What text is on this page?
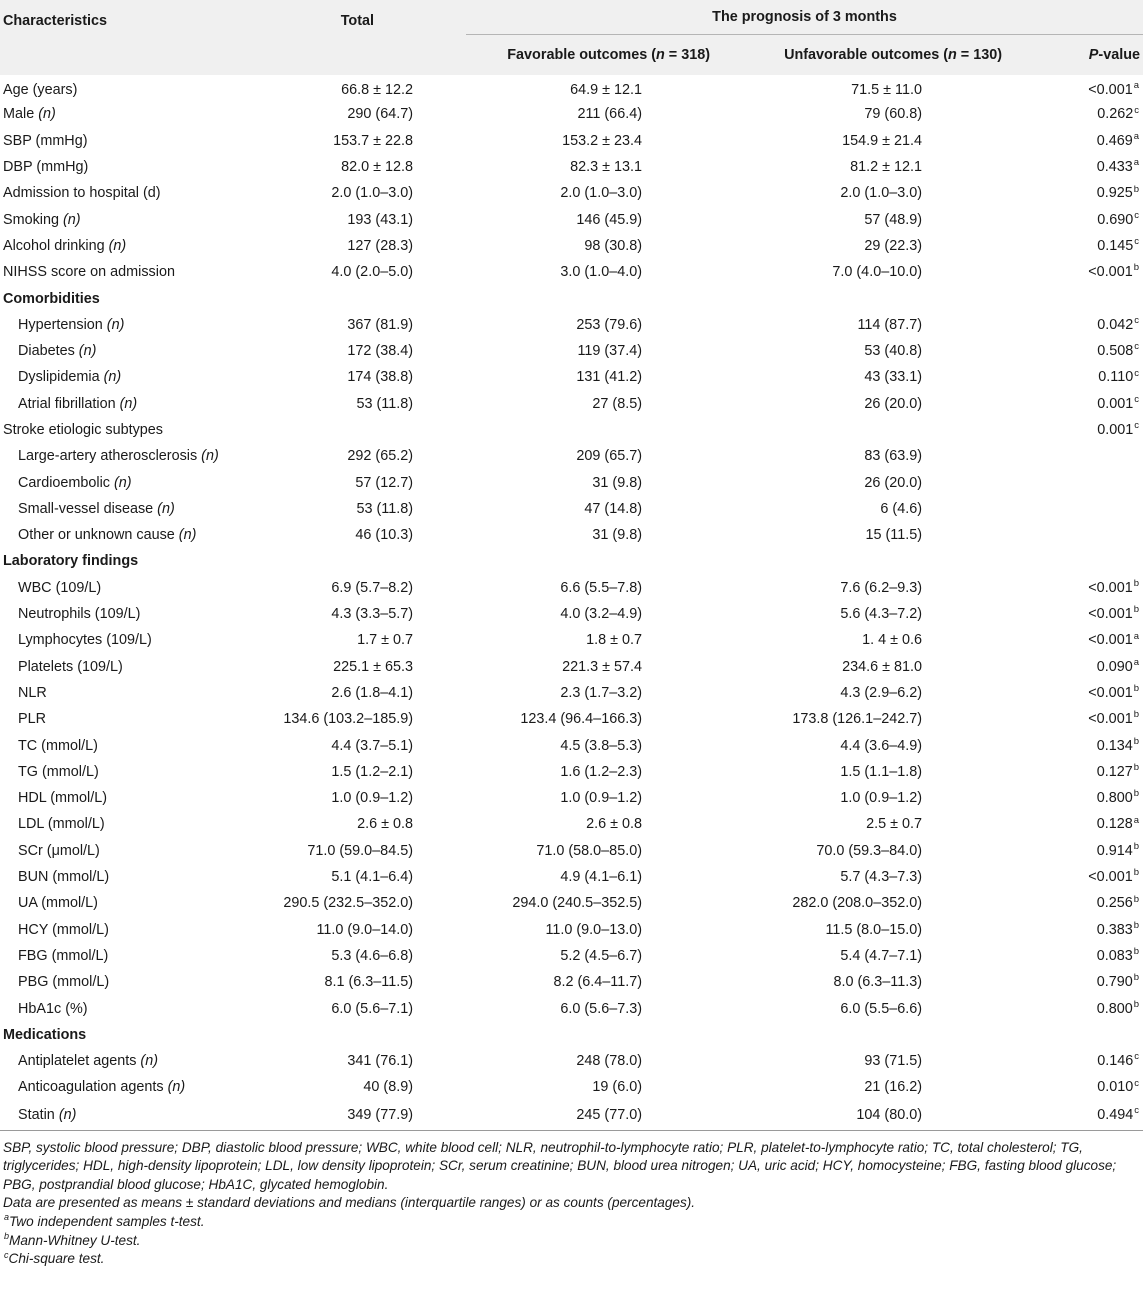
Characteristics	Total	The prognosis of 3 months		
		Favorable outcomes (n = 318)	Unfavorable outcomes (n = 130)	P-value
Age (years)	66.8 ± 12.2	64.9 ± 12.1	71.5 ± 11.0	<0.001$^a$
Male (n)	290 (64.7)	211 (66.4)	79 (60.8)	0.262$^c$
SBP (mmHg)	153.7 ± 22.8	153.2 ± 23.4	154.9 ± 21.4	0.469$^a$
DBP (mmHg)	82.0 ± 12.8	82.3 ± 13.1	81.2 ± 12.1	0.433$^a$
Admission to hospital (d)	2.0 (1.0–3.0)	2.0 (1.0–3.0)	2.0 (1.0–3.0)	0.925$^b$
Smoking (n)	193 (43.1)	146 (45.9)	57 (48.9)	0.690$^c$
Alcohol drinking (n)	127 (28.3)	98 (30.8)	29 (22.3)	0.145$^c$
NIHSS score on admission	4.0 (2.0–5.0)	3.0 (1.0–4.0)	7.0 (4.0–10.0)	<0.001$^b$
Comorbidities				
Hypertension (n)	367 (81.9)	253 (79.6)	114 (87.7)	0.042$^c$
Diabetes (n)	172 (38.4)	119 (37.4)	53 (40.8)	0.508$^c$
Dyslipidemia (n)	174 (38.8)	131 (41.2)	43 (33.1)	0.110$^c$
Atrial fibrillation (n)	53 (11.8)	27 (8.5)	26 (20.0)	0.001$^c$
Stroke etiologic subtypes				0.001$^c$
Large-artery atherosclerosis (n)	292 (65.2)	209 (65.7)	83 (63.9)	
Cardioembolic (n)	57 (12.7)	31 (9.8)	26 (20.0)	
Small-vessel disease (n)	53 (11.8)	47 (14.8)	6 (4.6)	
Other or unknown cause (n)	46 (10.3)	31 (9.8)	15 (11.5)	
Laboratory findings				
WBC (109/L)	6.9 (5.7–8.2)	6.6 (5.5–7.8)	7.6 (6.2–9.3)	<0.001$^b$
Neutrophils (109/L)	4.3 (3.3–5.7)	4.0 (3.2–4.9)	5.6 (4.3–7.2)	<0.001$^b$
Lymphocytes (109/L)	1.7 ± 0.7	1.8 ± 0.7	1. 4 ± 0.6	<0.001$^a$
Platelets (109/L)	225.1 ± 65.3	221.3 ± 57.4	234.6 ± 81.0	0.090$^a$
NLR	2.6 (1.8–4.1)	2.3 (1.7–3.2)	4.3 (2.9–6.2)	<0.001$^b$
PLR	134.6 (103.2–185.9)	123.4 (96.4–166.3)	173.8 (126.1–242.7)	<0.001$^b$
TC (mmol/L)	4.4 (3.7–5.1)	4.5 (3.8–5.3)	4.4 (3.6–4.9)	0.134$^b$
TG (mmol/L)	1.5 (1.2–2.1)	1.6 (1.2–2.3)	1.5 (1.1–1.8)	0.127$^b$
HDL (mmol/L)	1.0 (0.9–1.2)	1.0 (0.9–1.2)	1.0 (0.9–1.2)	0.800$^b$
LDL (mmol/L)	2.6 ± 0.8	2.6 ± 0.8	2.5 ± 0.7	0.128$^a$
SCr (μmol/L)	71.0 (59.0–84.5)	71.0 (58.0–85.0)	70.0 (59.3–84.0)	0.914$^b$
BUN (mmol/L)	5.1 (4.1–6.4)	4.9 (4.1–6.1)	5.7 (4.3–7.3)	<0.001$^b$
UA (mmol/L)	290.5 (232.5–352.0)	294.0 (240.5–352.5)	282.0 (208.0–352.0)	0.256$^b$
HCY (mmol/L)	11.0 (9.0–14.0)	11.0 (9.0–13.0)	11.5 (8.0–15.0)	0.383$^b$
FBG (mmol/L)	5.3 (4.6–6.8)	5.2 (4.5–6.7)	5.4 (4.7–7.1)	0.083$^b$
PBG (mmol/L)	8.1 (6.3–11.5)	8.2 (6.4–11.7)	8.0 (6.3–11.3)	0.790$^b$
HbA1c (%)	6.0 (5.6–7.1)	6.0 (5.6–7.3)	6.0 (5.5–6.6)	0.800$^b$
Medications				
Antiplatelet agents (n)	341 (76.1)	248 (78.0)	93 (71.5)	0.146$^c$
Anticoagulation agents (n)	40 (8.9)	19 (6.0)	21 (16.2)	0.010$^c$
Statin (n)	349 (77.9)	245 (77.0)	104 (80.0)	0.494$^c$

SBP, systolic blood pressure; DBP, diastolic blood pressure; WBC, white blood cell; NLR, neutrophil-to-lymphocyte ratio; PLR, platelet-to-lymphocyte ratio; TC, total cholesterol; TG, triglycerides; HDL, high-density lipoprotein; LDL, low density lipoprotein; SCr, serum creatinine; BUN, blood urea nitrogen; UA, uric acid; HCY, homocysteine; FBG, fasting blood glucose; PBG, postprandial blood glucose; HbA1C, glycated hemoglobin.

Data are presented as means ± standard deviations and medians (interquartile ranges) or as counts (percentages).

$^a$Two independent samples t-test.

$^b$Mann-Whitney U-test.

$^c$Chi-square test.
